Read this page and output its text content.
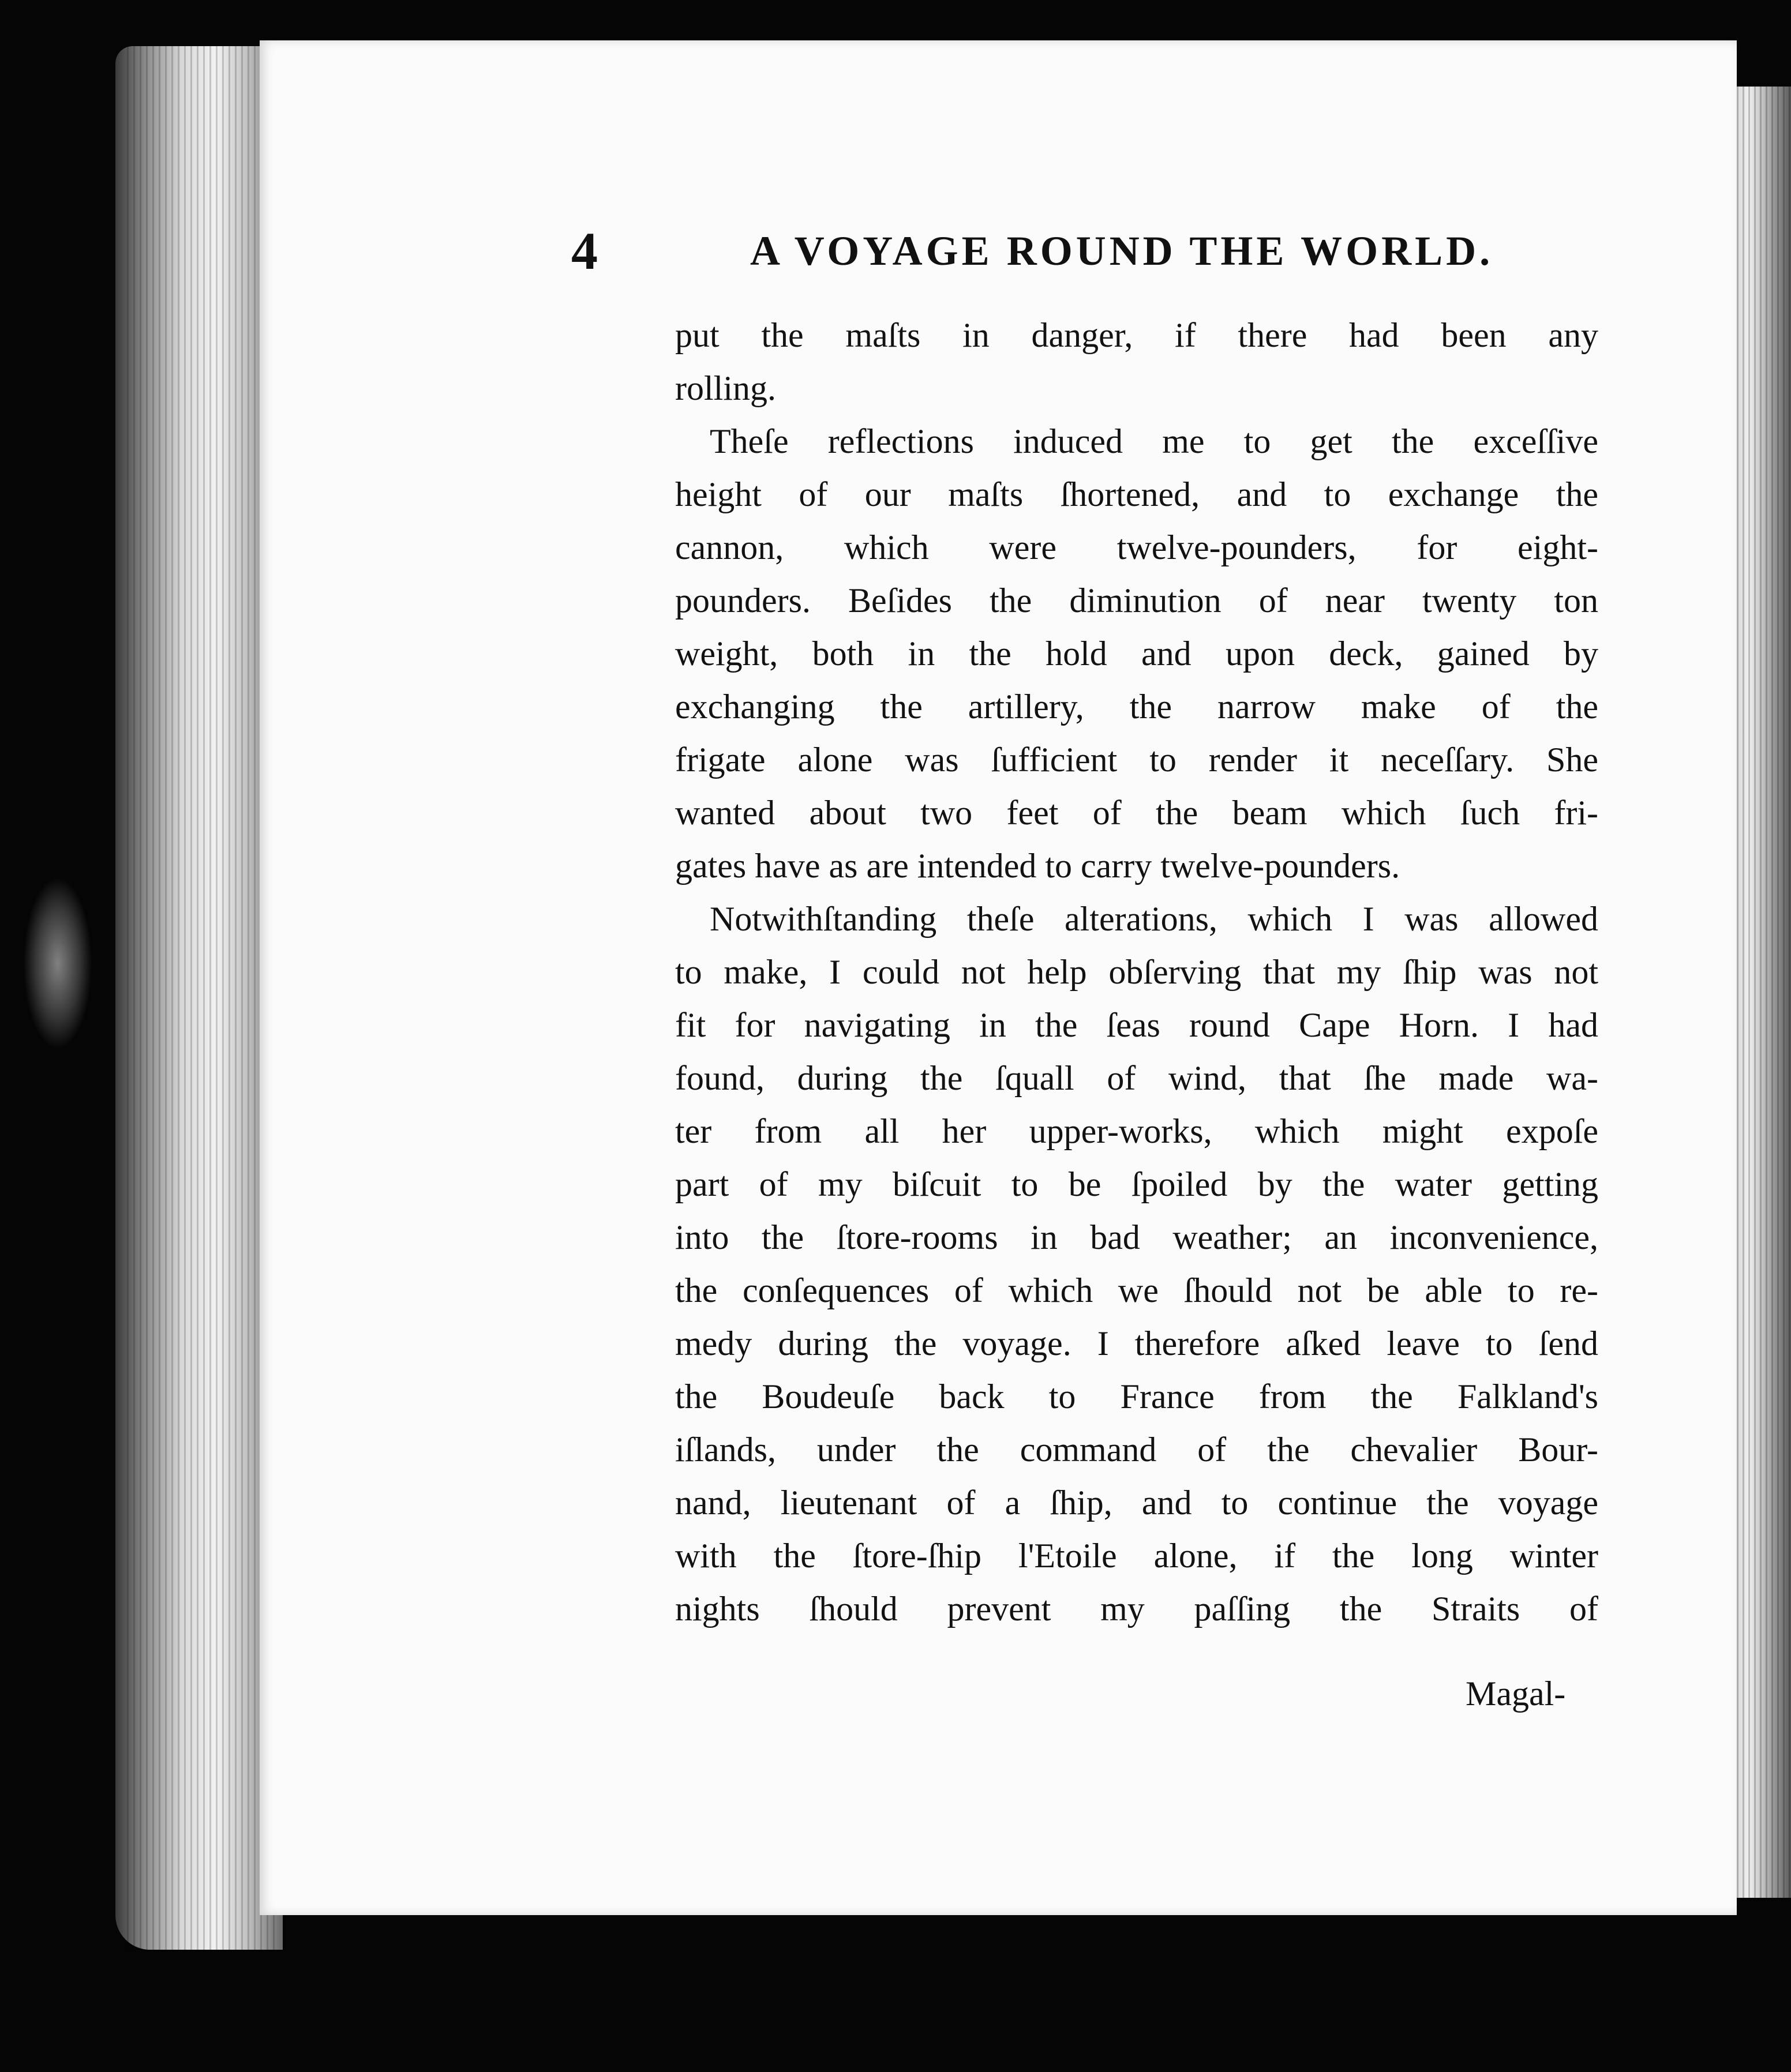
4	A VOYAGE ROUND THE WORLD.
put the maſts in danger, if there had been any
rolling.
Theſe reflections induced me to get the exceſſive
height of our maſts ſhortened, and to exchange the
cannon, which were twelve-pounders, for eight-
pounders. Beſides the diminution of near twenty ton
weight, both in the hold and upon deck, gained by
exchanging the artillery, the narrow make of the
frigate alone was ſufficient to render it neceſſary. She
wanted about two feet of the beam which ſuch fri-
gates have as are intended to carry twelve-pounders.
Notwithſtanding theſe alterations, which I was allowed
to make, I could not help obſerving that my ſhip was not
fit for navigating in the ſeas round Cape Horn. I had
found, during the ſquall of wind, that ſhe made wa-
ter from all her upper-works, which might expoſe
part of my biſcuit to be ſpoiled by the water getting
into the ſtore-rooms in bad weather; an inconvenience,
the conſequences of which we ſhould not be able to re-
medy during the voyage. I therefore aſked leave to ſend
the Boudeuſe back to France from the Falkland's
iſlands, under the command of the chevalier Bour-
nand, lieutenant of a ſhip, and to continue the voyage
with the ſtore-ſhip l'Etoile alone, if the long winter
nights ſhould prevent my paſſing the Straits of
Magal-
